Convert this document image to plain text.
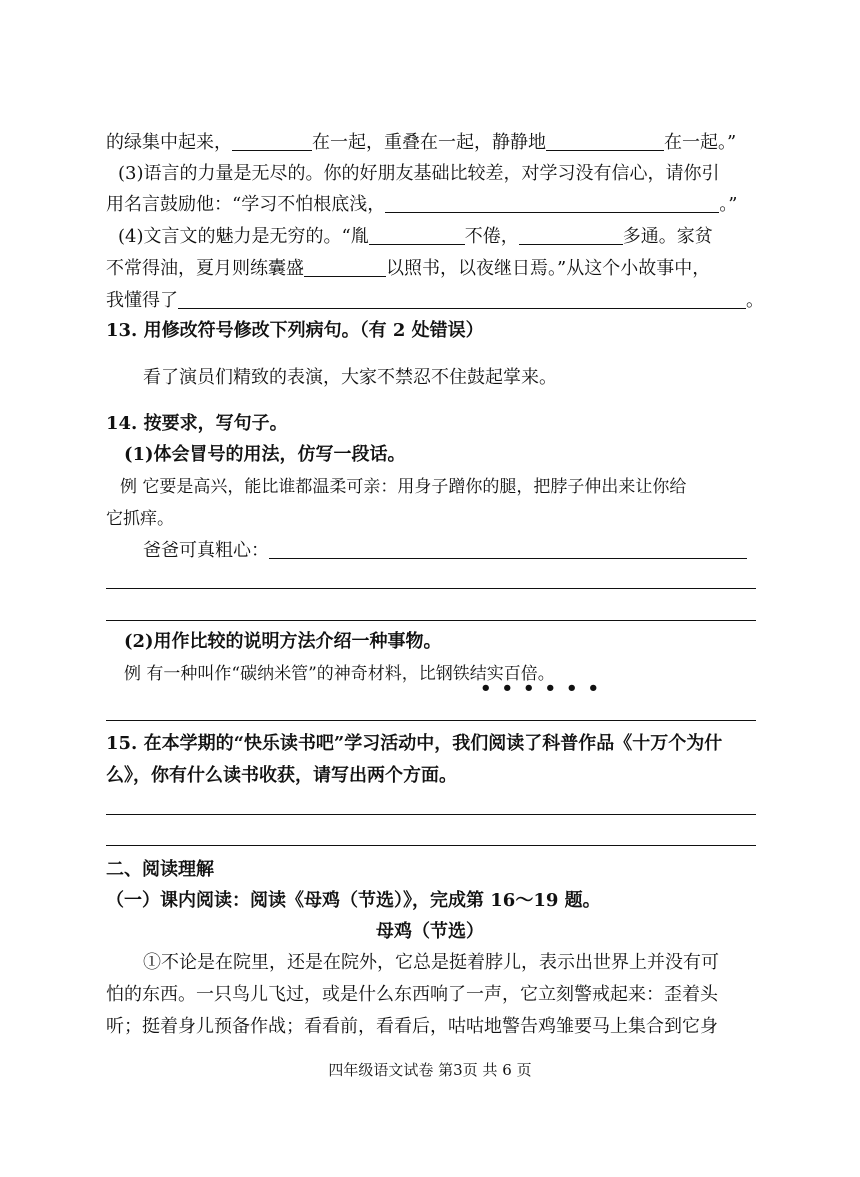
的绿集中起来，	在一起，重叠在一起，静静地	在一起。”
(3)语言的力量是无尽的。你的好朋友基础比较差，对学习没有信心，请你引
用名言鼓励他：“学习不怕根底浅，	。”
(4)文言文的魅力是无穷的。“胤	不倦，	多通。家贫
不常得油，夏月则练囊盛	以照书，以夜继日焉。”从这个小故事中，
我懂得了	。
13. 用修改符号修改下列病句。（有 2 处错误）
看了演员们精致的表演，大家不禁忍不住鼓起掌来。
14. 按要求，写句子。
(1)体会冒号的用法，仿写一段话。
例 它要是高兴，能比谁都温柔可亲：用身子蹭你的腿，把脖子伸出来让你给
它抓痒。
爸爸可真粗心：
(2)用作比较的说明方法介绍一种事物。
例 有一种叫作“碳纳米管”的神奇材料，比钢铁结实百倍。
••••••
15. 在本学期的“快乐读书吧”学习活动中，我们阅读了科普作品《十万个为什
么》，你有什么读书收获，请写出两个方面。
二、阅读理解
（一）课内阅读：阅读《母鸡（节选）》，完成第 16～19 题。
母鸡（节选）
①不论是在院里，还是在院外，它总是挺着脖儿，表示出世界上并没有可
怕的东西。一只鸟儿飞过，或是什么东西响了一声，它立刻警戒起来：歪着头
听；挺着身儿预备作战；看看前，看看后，咕咕地警告鸡雏要马上集合到它身
四年级语文试卷 第3页 共 6 页
